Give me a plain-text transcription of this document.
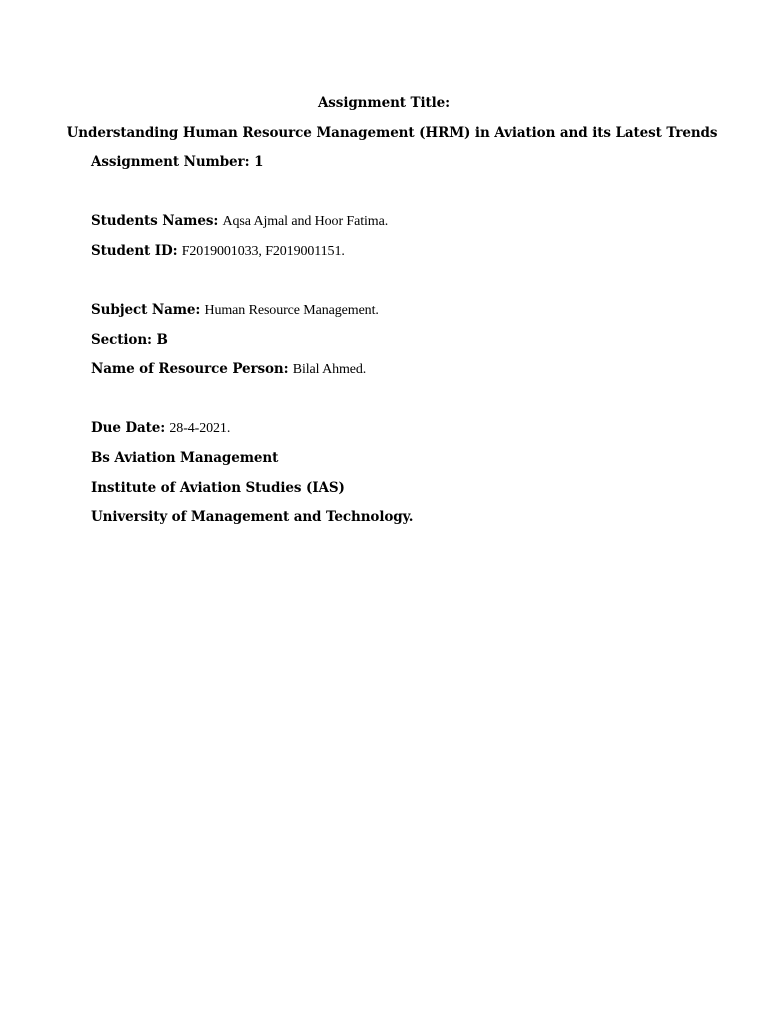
Assignment Title:
Understanding Human Resource Management (HRM) in Aviation and its Latest Trends
Assignment Number: 1
Students Names: Aqsa Ajmal and Hoor Fatima.
Student ID: F2019001033, F2019001151.
Subject Name: Human Resource Management.
Section: B
Name of Resource Person: Bilal Ahmed.
Due Date: 28-4-2021.
Bs Aviation Management
Institute of Aviation Studies (IAS)
University of Management and Technology.
